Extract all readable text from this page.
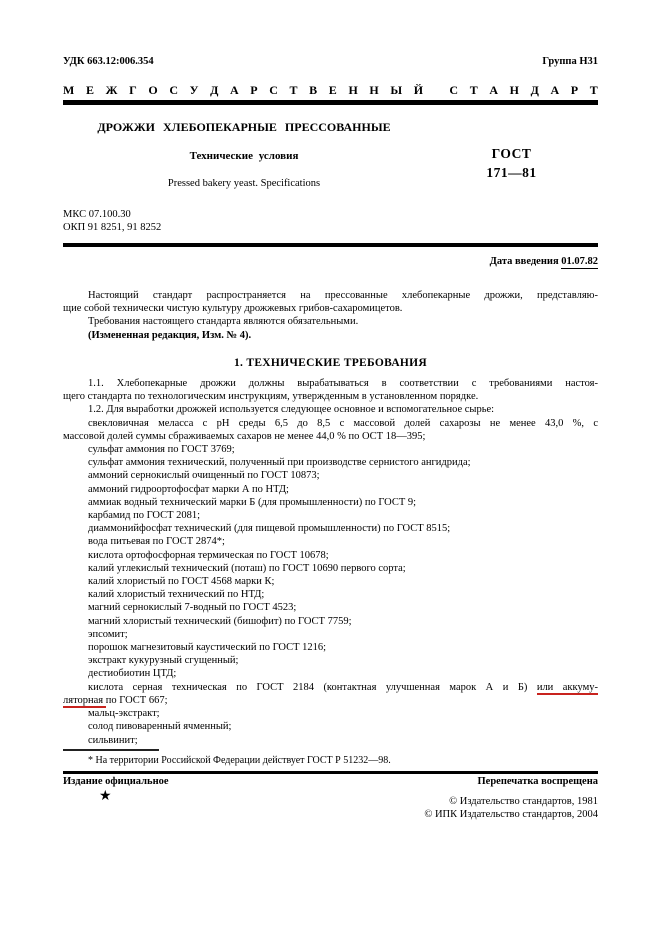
УДК 663.12:006.354	Группа Н31
М Е Ж Г О С У Д А Р С Т В Е Н Н Ы Й
С Т А Н Д А Р Т
ДРОЖЖИ ХЛЕБОПЕКАРНЫЕ ПРЕССОВАННЫЕ
Технические условия
Pressed bakery yeast. Specifications
ГОСТ
171—81
МКС 07.100.30
ОКП 91 8251, 91 8252
Дата введения 01.07.82
Настоящий стандарт распространяется на прессованные хлебопекарные дрожжи, представляю-
щие собой технически чистую культуру дрожжевых грибов-сахаромицетов.
Требования настоящего стандарта являются обязательными.
(Измененная редакция, Изм. № 4).
1. ТЕХНИЧЕСКИЕ ТРЕБОВАНИЯ
1.1. Хлебопекарные дрожжи должны вырабатываться в соответствии с требованиями настоя-
щего стандарта по технологическим инструкциям, утвержденным в установленном порядке.
1.2. Для выработки дрожжей используется следующее основное и вспомогательное сырье:
свекловичная меласса с рН среды 6,5 до 8,5 с массовой долей сахарозы не менее 43,0 %, с
массовой долей суммы сбраживаемых сахаров не менее 44,0 % по ОСТ 18—395;
сульфат аммония по ГОСТ 3769;
сульфат аммония технический, полученный при производстве сернистого ангидрида;
аммоний сернокислый очищенный по ГОСТ 10873;
аммоний гидроортофосфат марки А по НТД;
аммиак водный технический марки Б (для промышленности) по ГОСТ 9;
карбамид по ГОСТ 2081;
диаммонийфосфат технический (для пищевой промышленности) по ГОСТ 8515;
вода питьевая по ГОСТ 2874*;
кислота ортофосфорная термическая по ГОСТ 10678;
калий углекислый технический (поташ) по ГОСТ 10690 первого сорта;
калий хлористый по ГОСТ 4568 марки К;
калий хлористый технический по НТД;
магний сернокислый 7-водный по ГОСТ 4523;
магний хлористый технический (бишофит) по ГОСТ 7759;
эпсомит;
порошок магнезитовый каустический по ГОСТ 1216;
экстракт кукурузный сгущенный;
дестиобиотин ЦТД;
кислота серная техническая по ГОСТ 2184 (контактная улучшенная марок А и Б) или аккуму-
ляторная по ГОСТ 667;
мальц-экстракт;
солод пивоваренный ячменный;
сильвинит;
* На территории Российской Федерации действует ГОСТ Р 51232—98.
Издание официальное	Перепечатка воспрещена
★	© Издательство стандартов, 1981
© ИПК Издательство стандартов, 2004
